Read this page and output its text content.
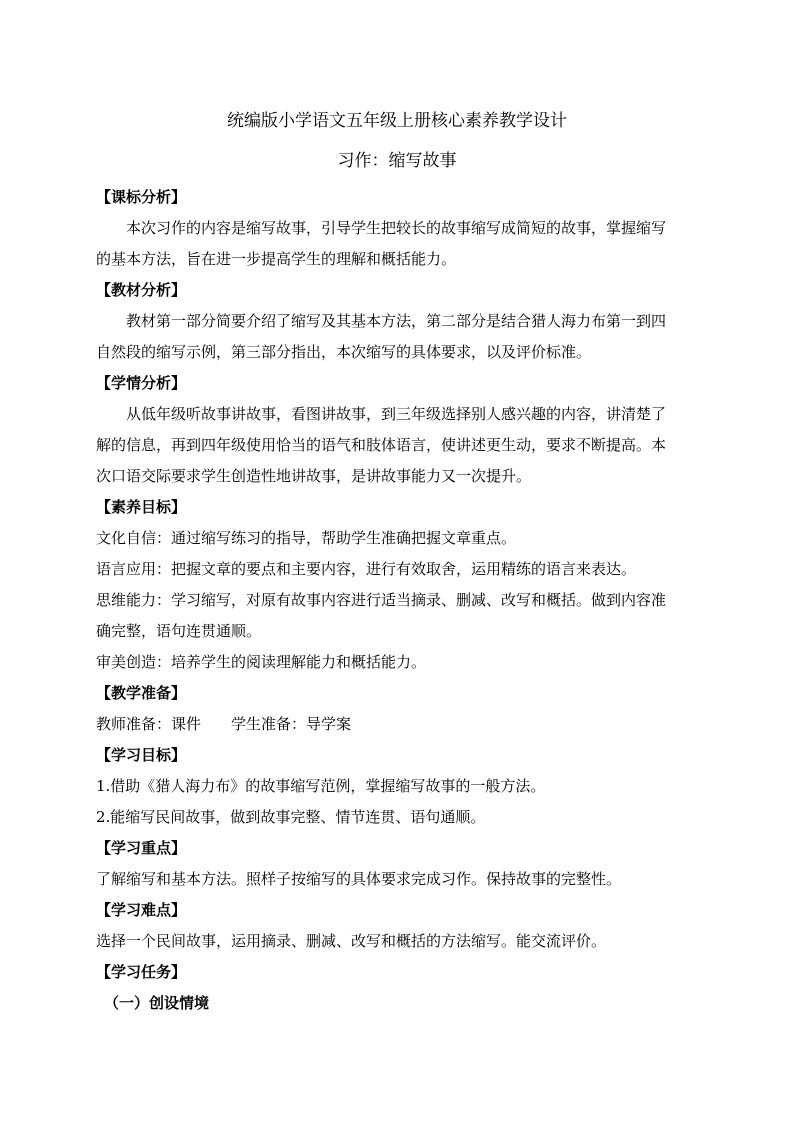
统编版小学语文五年级上册核心素养教学设计
习作：缩写故事
【课标分析】
本次习作的内容是缩写故事，引导学生把较长的故事缩写成简短的故事，掌握缩写
的基本方法，旨在进一步提高学生的理解和概括能力。
【教材分析】
教材第一部分简要介绍了缩写及其基本方法，第二部分是结合猎人海力布第一到四
自然段的缩写示例，第三部分指出，本次缩写的具体要求，以及评价标准。
【学情分析】
从低年级听故事讲故事，看图讲故事，到三年级选择别人感兴趣的内容，讲清楚了
解的信息，再到四年级使用恰当的语气和肢体语言，使讲述更生动，要求不断提高。本
次口语交际要求学生创造性地讲故事，是讲故事能力又一次提升。
【素养目标】
文化自信：通过缩写练习的指导，帮助学生准确把握文章重点。
语言应用：把握文章的要点和主要内容，进行有效取舍，运用精练的语言来表达。
思维能力：学习缩写，对原有故事内容进行适当摘录、删减、改写和概括。做到内容准
确完整，语句连贯通顺。
审美创造：培养学生的阅读理解能力和概括能力。
【教学准备】
教师准备：课件　　学生准备：导学案
【学习目标】
1.借助《猎人海力布》的故事缩写范例，掌握缩写故事的一般方法。
2.能缩写民间故事，做到故事完整、情节连贯、语句通顺。
【学习重点】
了解缩写和基本方法。照样子按缩写的具体要求完成习作。保持故事的完整性。
【学习难点】
选择一个民间故事，运用摘录、删减、改写和概括的方法缩写。能交流评价。
【学习任务】
（一）创设情境
